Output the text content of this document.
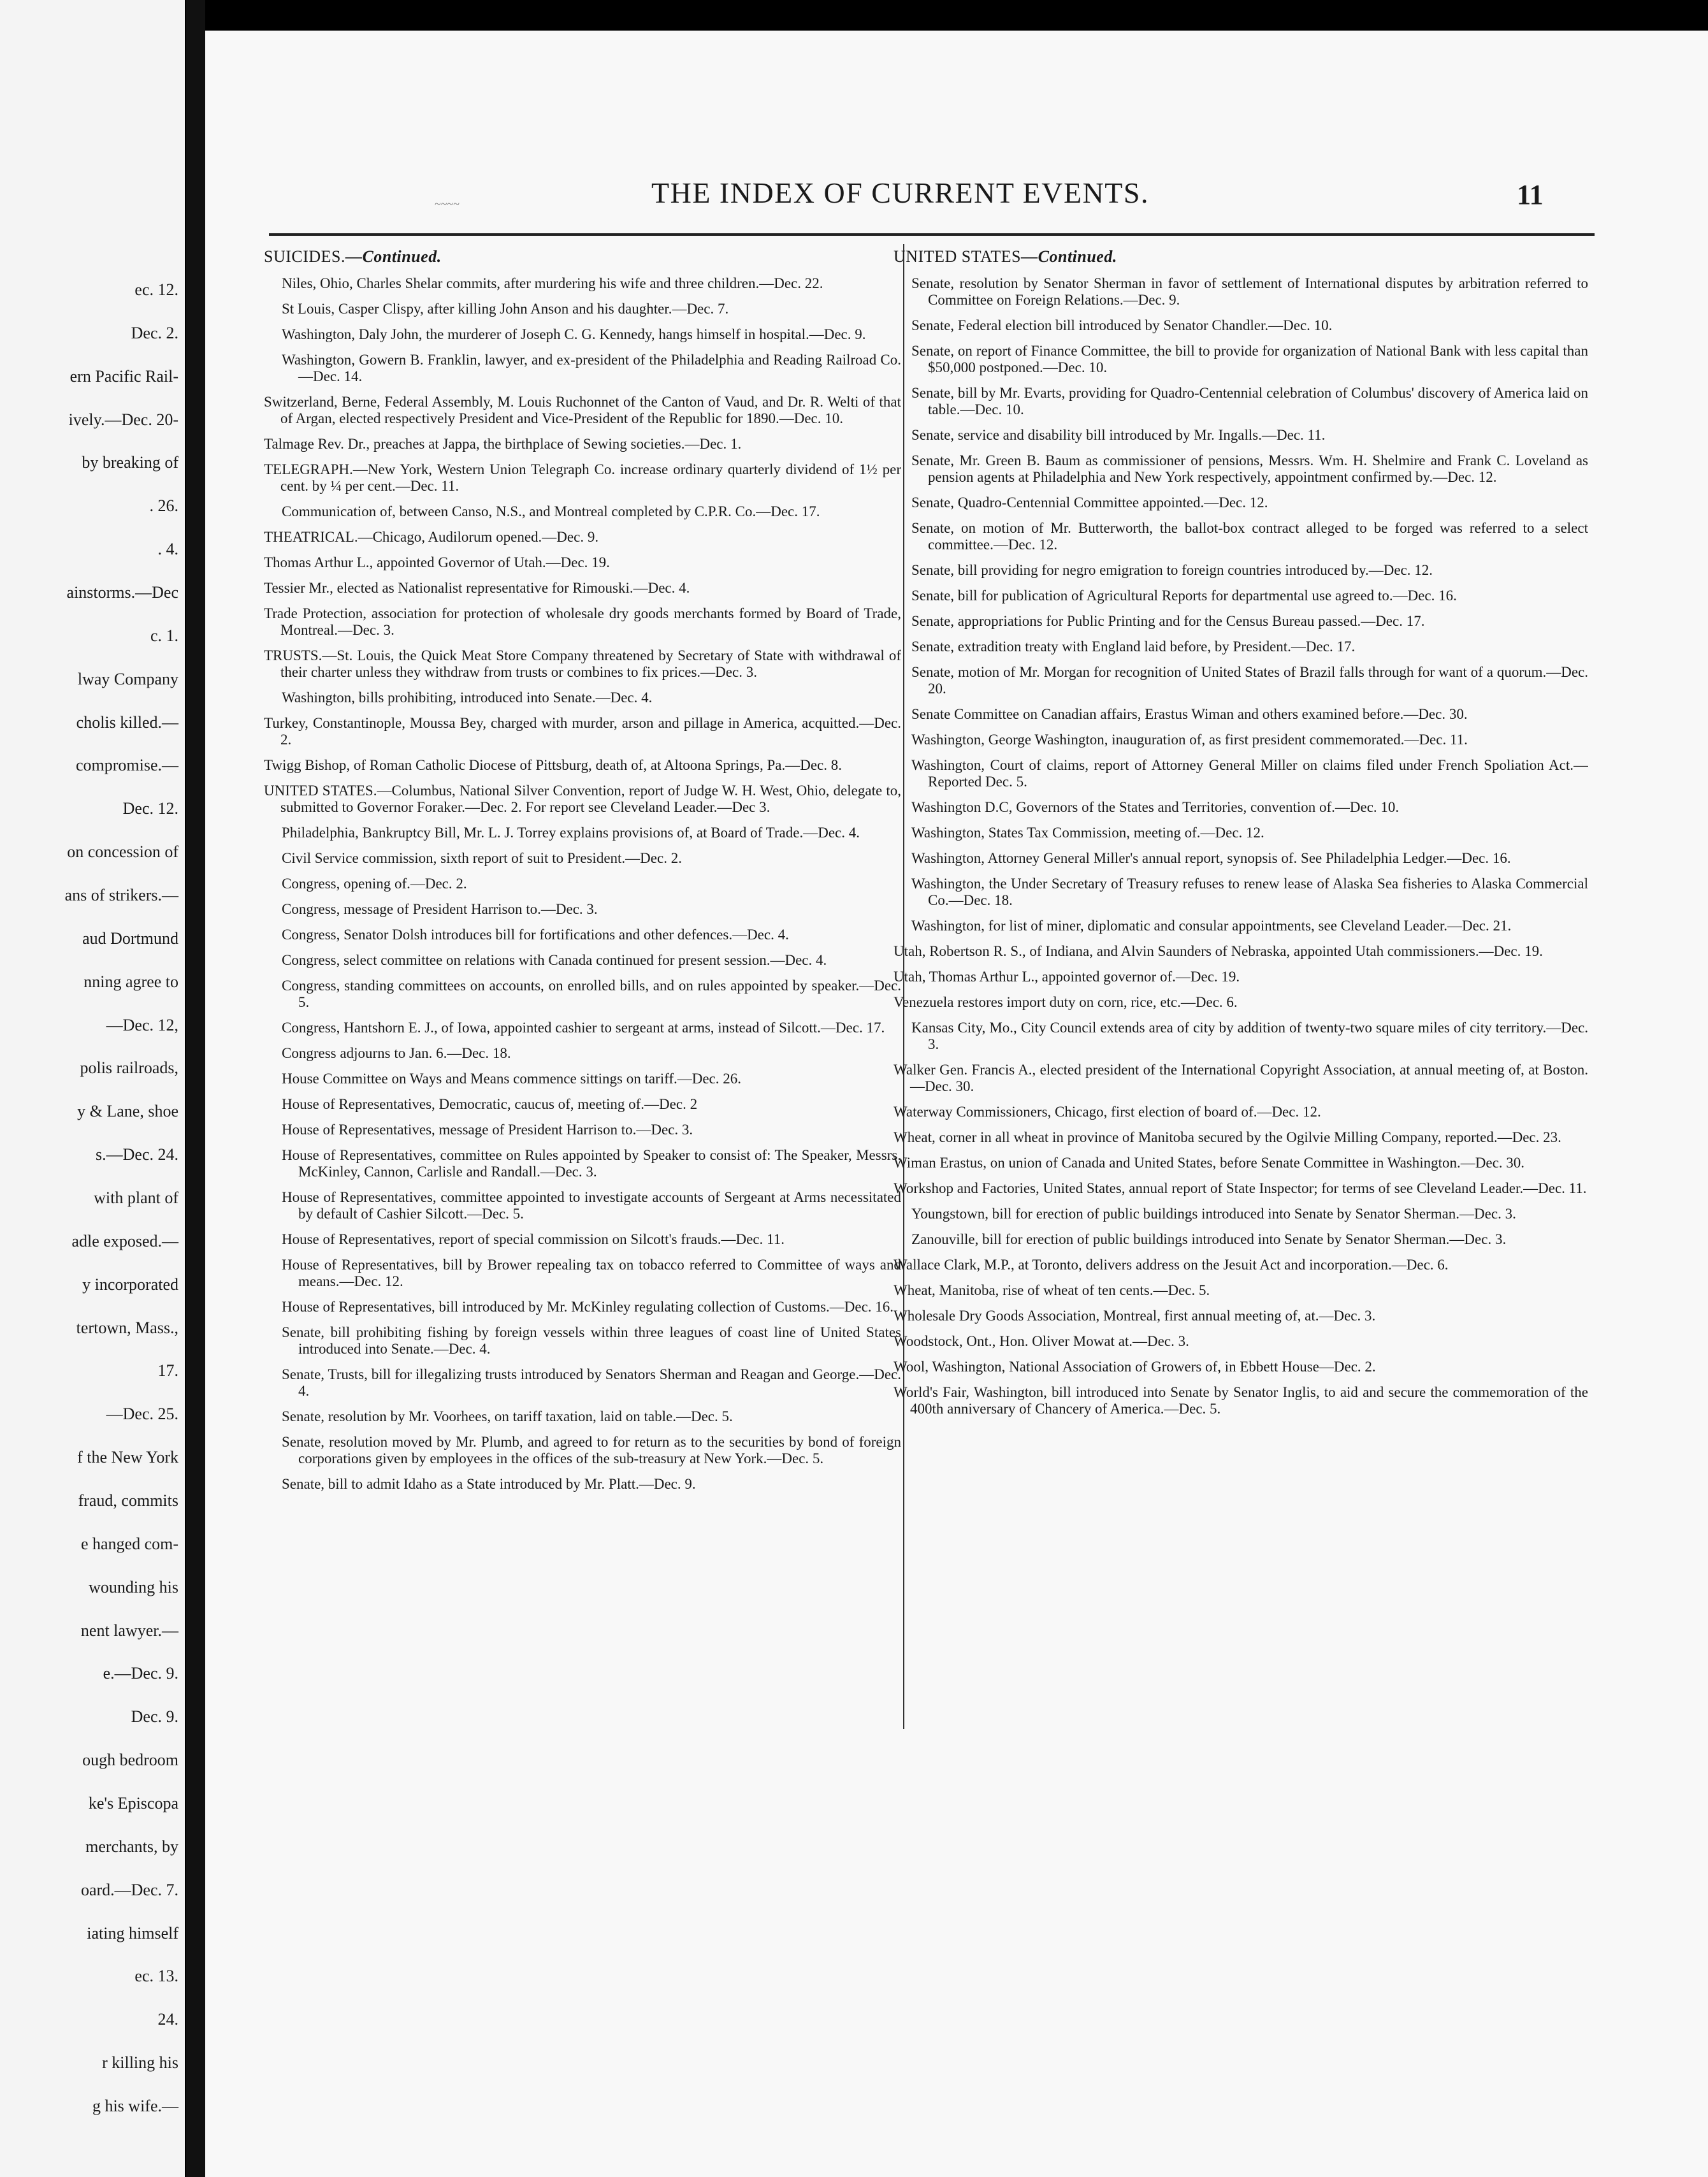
ec. 12.
Dec. 2.
ern Pacific Rail-
ively.—Dec. 20-
by breaking of
. 26.
. 4.
ainstorms.—Dec
c. 1.
lway Company
cholis killed.—
compromise.—
Dec. 12.
on concession of
ans of strikers.—
aud Dortmund
nning agree to
—Dec. 12,
polis railroads,
y & Lane, shoe
s.—Dec. 24.
with plant of
adle exposed.—
y incorporated
tertown, Mass.,
17.
—Dec. 25.
f the New York
fraud, commits
e hanged com-
wounding his
nent lawyer.—
e.—Dec. 9.
Dec. 9.
ough bedroom
ke's Episcopa
merchants, by
oard.—Dec. 7.
iating himself
ec. 13.
24.
r killing his
g his wife.—
~~~~	THE INDEX OF CURRENT EVENTS.	11
SUICIDES.—Continued.

Niles, Ohio, Charles Shelar commits, after murdering his wife and three children.—Dec. 22.

St Louis, Casper Clispy, after killing John Anson and his daughter.—Dec. 7.

Washington, Daly John, the murderer of Joseph C. G. Kennedy, hangs himself in hospital.—Dec. 9.

Washington, Gowern B. Franklin, lawyer, and ex-president of the Philadelphia and Reading Railroad Co.—Dec. 14.

Switzerland, Berne, Federal Assembly, M. Louis Ruchonnet of the Canton of Vaud, and Dr. R. Welti of that of Argan, elected respectively President and Vice-President of the Republic for 1890.—Dec. 10.

Talmage Rev. Dr., preaches at Jappa, the birthplace of Sewing societies.—Dec. 1.

TELEGRAPH.—New York, Western Union Telegraph Co. increase ordinary quarterly dividend of 1½ per cent. by ¼ per cent.—Dec. 11.

Communication of, between Canso, N.S., and Montreal completed by C.P.R. Co.—Dec. 17.

THEATRICAL.—Chicago, Audilorum opened.—Dec. 9.

Thomas Arthur L., appointed Governor of Utah.—Dec. 19.

Tessier Mr., elected as Nationalist representative for Rimouski.—Dec. 4.

Trade Protection, association for protection of wholesale dry goods merchants formed by Board of Trade, Montreal.—Dec. 3.

TRUSTS.—St. Louis, the Quick Meat Store Company threatened by Secretary of State with withdrawal of their charter unless they withdraw from trusts or combines to fix prices.—Dec. 3.

Washington, bills prohibiting, introduced into Senate.—Dec. 4.

Turkey, Constantinople, Moussa Bey, charged with murder, arson and pillage in America, acquitted.—Dec. 2.

Twigg Bishop, of Roman Catholic Diocese of Pittsburg, death of, at Altoona Springs, Pa.—Dec. 8.

UNITED STATES.—Columbus, National Silver Convention, report of Judge W. H. West, Ohio, delegate to, submitted to Governor Foraker.—Dec. 2. For report see Cleveland Leader.—Dec 3.

Philadelphia, Bankruptcy Bill, Mr. L. J. Torrey explains provisions of, at Board of Trade.—Dec. 4.

Civil Service commission, sixth report of suit to President.—Dec. 2.

Congress, opening of.—Dec. 2.

Congress, message of President Harrison to.—Dec. 3.

Congress, Senator Dolsh introduces bill for fortifications and other defences.—Dec. 4.

Congress, select committee on relations with Canada continued for present session.—Dec. 4.

Congress, standing committees on accounts, on enrolled bills, and on rules appointed by speaker.—Dec. 5.

Congress, Hantshorn E. J., of Iowa, appointed cashier to sergeant at arms, instead of Silcott.—Dec. 17.

Congress adjourns to Jan. 6.—Dec. 18.

House Committee on Ways and Means commence sittings on tariff.—Dec. 26.

House of Representatives, Democratic, caucus of, meeting of.—Dec. 2

House of Representatives, message of President Harrison to.—Dec. 3.

House of Representatives, committee on Rules appointed by Speaker to consist of: The Speaker, Messrs. McKinley, Cannon, Carlisle and Randall.—Dec. 3.

House of Representatives, committee appointed to investigate accounts of Sergeant at Arms necessitated by default of Cashier Silcott.—Dec. 5.

House of Representatives, report of special commission on Silcott's frauds.—Dec. 11.

House of Representatives, bill by Brower repealing tax on tobacco referred to Committee of ways and means.—Dec. 12.

House of Representatives, bill introduced by Mr. McKinley regulating collection of Customs.—Dec. 16.

Senate, bill prohibiting fishing by foreign vessels within three leagues of coast line of United States introduced into Senate.—Dec. 4.

Senate, Trusts, bill for illegalizing trusts introduced by Senators Sherman and Reagan and George.—Dec. 4.

Senate, resolution by Mr. Voorhees, on tariff taxation, laid on table.—Dec. 5.

Senate, resolution moved by Mr. Plumb, and agreed to for return as to the securities by bond of foreign corporations given by employees in the offices of the sub-treasury at New York.—Dec. 5.

Senate, bill to admit Idaho as a State introduced by Mr. Platt.—Dec. 9.

UNITED STATES—Continued.

Senate, resolution by Senator Sherman in favor of settlement of International disputes by arbitration referred to Committee on Foreign Relations.—Dec. 9.

Senate, Federal election bill introduced by Senator Chandler.—Dec. 10.

Senate, on report of Finance Committee, the bill to provide for organization of National Bank with less capital than $50,000 postponed.—Dec. 10.

Senate, bill by Mr. Evarts, providing for Quadro-Centennial celebration of Columbus' discovery of America laid on table.—Dec. 10.

Senate, service and disability bill introduced by Mr. Ingalls.—Dec. 11.

Senate, Mr. Green B. Baum as commissioner of pensions, Messrs. Wm. H. Shelmire and Frank C. Loveland as pension agents at Philadelphia and New York respectively, appointment confirmed by.—Dec. 12.

Senate, Quadro-Centennial Committee appointed.—Dec. 12.

Senate, on motion of Mr. Butterworth, the ballot-box contract alleged to be forged was referred to a select committee.—Dec. 12.

Senate, bill providing for negro emigration to foreign countries introduced by.—Dec. 12.

Senate, bill for publication of Agricultural Reports for departmental use agreed to.—Dec. 16.

Senate, appropriations for Public Printing and for the Census Bureau passed.—Dec. 17.

Senate, extradition treaty with England laid before, by President.—Dec. 17.

Senate, motion of Mr. Morgan for recognition of United States of Brazil falls through for want of a quorum.—Dec. 20.

Senate Committee on Canadian affairs, Erastus Wiman and others examined before.—Dec. 30.

Washington, George Washington, inauguration of, as first president commemorated.—Dec. 11.

Washington, Court of claims, report of Attorney General Miller on claims filed under French Spoliation Act.—Reported Dec. 5.

Washington D.C, Governors of the States and Territories, convention of.—Dec. 10.

Washington, States Tax Commission, meeting of.—Dec. 12.

Washington, Attorney General Miller's annual report, synopsis of. See Philadelphia Ledger.—Dec. 16.

Washington, the Under Secretary of Treasury refuses to renew lease of Alaska Sea fisheries to Alaska Commercial Co.—Dec. 18.

Washington, for list of miner, diplomatic and consular appointments, see Cleveland Leader.—Dec. 21.

Utah, Robertson R. S., of Indiana, and Alvin Saunders of Nebraska, appointed Utah commissioners.—Dec. 19.

Utah, Thomas Arthur L., appointed governor of.—Dec. 19.

Venezuela restores import duty on corn, rice, etc.—Dec. 6.

Kansas City, Mo., City Council extends area of city by addition of twenty-two square miles of city territory.—Dec. 3.

Walker Gen. Francis A., elected president of the International Copyright Association, at annual meeting of, at Boston.—Dec. 30.

Waterway Commissioners, Chicago, first election of board of.—Dec. 12.

Wheat, corner in all wheat in province of Manitoba secured by the Ogilvie Milling Company, reported.—Dec. 23.

Wiman Erastus, on union of Canada and United States, before Senate Committee in Washington.—Dec. 30.

Workshop and Factories, United States, annual report of State Inspector; for terms of see Cleveland Leader.—Dec. 11.

Youngstown, bill for erection of public buildings introduced into Senate by Senator Sherman.—Dec. 3.

Zanouville, bill for erection of public buildings introduced into Senate by Senator Sherman.—Dec. 3.

Wallace Clark, M.P., at Toronto, delivers address on the Jesuit Act and incorporation.—Dec. 6.

Wheat, Manitoba, rise of wheat of ten cents.—Dec. 5.

Wholesale Dry Goods Association, Montreal, first annual meeting of, at.—Dec. 3.

Woodstock, Ont., Hon. Oliver Mowat at.—Dec. 3.

Wool, Washington, National Association of Growers of, in Ebbett House—Dec. 2.

World's Fair, Washington, bill introduced into Senate by Senator Inglis, to aid and secure the commemoration of the 400th anniversary of Chancery of America.—Dec. 5.
